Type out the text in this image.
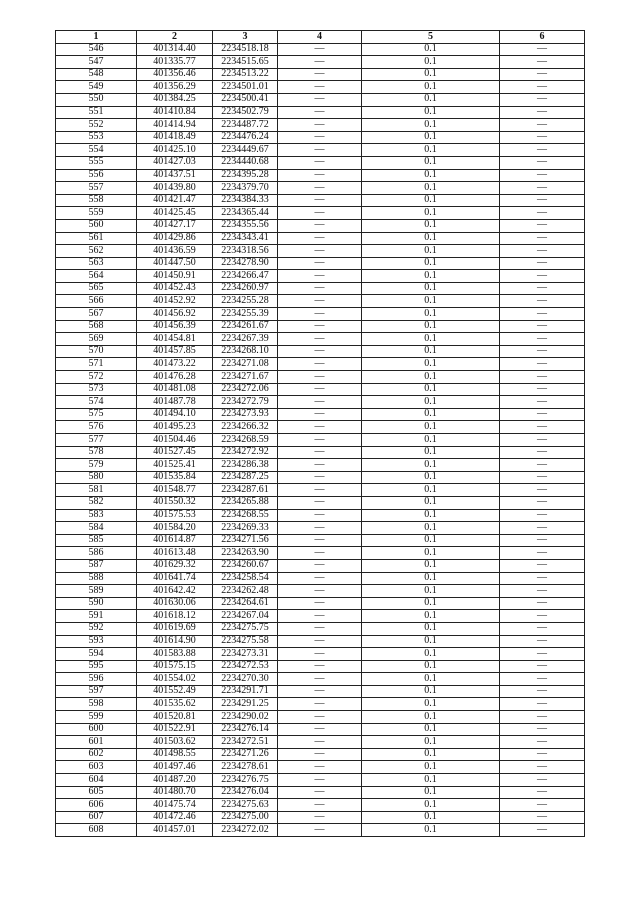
1	2	3	4	5	6
546	401314.40	2234518.18	—	0.1	—
547	401335.77	2234515.65	—	0.1	—
548	401356.46	2234513.22	—	0.1	—
549	401356.29	2234501.01	—	0.1	—
550	401384.25	2234500.41	—	0.1	—
551	401410.84	2234502.79	—	0.1	—
552	401414.94	2234487.72	—	0.1	—
553	401418.49	2234476.24	—	0.1	—
554	401425.10	2234449.67	—	0.1	—
555	401427.03	2234440.68	—	0.1	—
556	401437.51	2234395.28	—	0.1	—
557	401439.80	2234379.70	—	0.1	—
558	401421.47	2234384.33	—	0.1	—
559	401425.45	2234365.44	—	0.1	—
560	401427.17	2234355.56	—	0.1	—
561	401429.86	2234343.41	—	0.1	—
562	401436.59	2234318.56	—	0.1	—
563	401447.50	2234278.90	—	0.1	—
564	401450.91	2234266.47	—	0.1	—
565	401452.43	2234260.97	—	0.1	—
566	401452.92	2234255.28	—	0.1	—
567	401456.92	2234255.39	—	0.1	—
568	401456.39	2234261.67	—	0.1	—
569	401454.81	2234267.39	—	0.1	—
570	401457.85	2234268.10	—	0.1	—
571	401473.22	2234271.08	—	0.1	—
572	401476.28	2234271.67	—	0.1	—
573	401481.08	2234272.06	—	0.1	—
574	401487.78	2234272.79	—	0.1	—
575	401494.10	2234273.93	—	0.1	—
576	401495.23	2234266.32	—	0.1	—
577	401504.46	2234268.59	—	0.1	—
578	401527.45	2234272.92	—	0.1	—
579	401525.41	2234286.38	—	0.1	—
580	401535.84	2234287.25	—	0.1	—
581	401548.77	2234287.61	—	0.1	—
582	401550.32	2234265.88	—	0.1	—
583	401575.53	2234268.55	—	0.1	—
584	401584.20	2234269.33	—	0.1	—
585	401614.87	2234271.56	—	0.1	—
586	401613.48	2234263.90	—	0.1	—
587	401629.32	2234260.67	—	0.1	—
588	401641.74	2234258.54	—	0.1	—
589	401642.42	2234262.48	—	0.1	—
590	401630.06	2234264.61	—	0.1	—
591	401618.12	2234267.04	—	0.1	—
592	401619.69	2234275.75	—	0.1	—
593	401614.90	2234275.58	—	0.1	—
594	401583.88	2234273.31	—	0.1	—
595	401575.15	2234272.53	—	0.1	—
596	401554.02	2234270.30	—	0.1	—
597	401552.49	2234291.71	—	0.1	—
598	401535.62	2234291.25	—	0.1	—
599	401520.81	2234290.02	—	0.1	—
600	401522.91	2234276.14	—	0.1	—
601	401503.62	2234272.51	—	0.1	—
602	401498.55	2234271.26	—	0.1	—
603	401497.46	2234278.61	—	0.1	—
604	401487.20	2234276.75	—	0.1	—
605	401480.70	2234276.04	—	0.1	—
606	401475.74	2234275.63	—	0.1	—
607	401472.46	2234275.00	—	0.1	—
608	401457.01	2234272.02	—	0.1	—
